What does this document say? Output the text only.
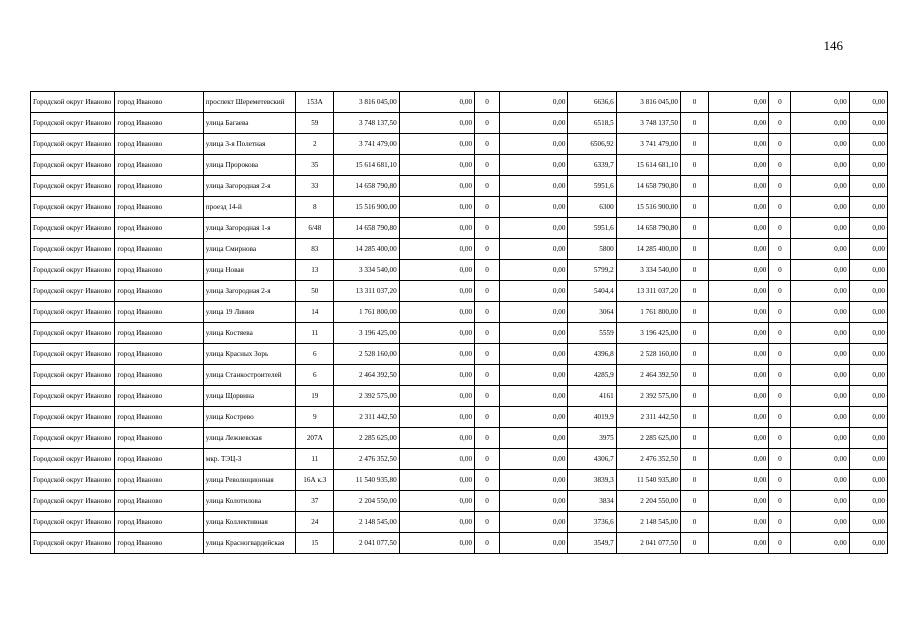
146
Городской округ Иваново	город Иваново	проспект Шереметевский	153А	3 816 045,00	0,00	0	0,00	6636,6	3 816 045,00	0	0,00	0	0,00	0,00
Городской округ Иваново	город Иваново	улица Багаева	59	3 748 137,50	0,00	0	0,00	6518,5	3 748 137,50	0	0,00	0	0,00	0,00
Городской округ Иваново	город Иваново	улица 3-я Полетная	2	3 741 479,00	0,00	0	0,00	6506,92	3 741 479,00	0	0,00	0	0,00	0,00
Городской округ Иваново	город Иваново	улица Пророкова	35	15 614 681,10	0,00	0	0,00	6339,7	15 614 681,10	0	0,00	0	0,00	0,00
Городской округ Иваново	город Иваново	улица Загородная 2-я	33	14 658 790,80	0,00	0	0,00	5951,6	14 658 790,80	0	0,00	0	0,00	0,00
Городской округ Иваново	город Иваново	проезд 14-й	8	15 516 900,00	0,00	0	0,00	6300	15 516 900,00	0	0,00	0	0,00	0,00
Городской округ Иваново	город Иваново	улица Загородная 1-я	6/48	14 658 790,80	0,00	0	0,00	5951,6	14 658 790,80	0	0,00	0	0,00	0,00
Городской округ Иваново	город Иваново	улица Смирнова	83	14 285 400,00	0,00	0	0,00	5800	14 285 400,00	0	0,00	0	0,00	0,00
Городской округ Иваново	город Иваново	улица Новая	13	3 334 540,00	0,00	0	0,00	5799,2	3 334 540,00	0	0,00	0	0,00	0,00
Городской округ Иваново	город Иваново	улица Загородная 2-я	50	13 311 037,20	0,00	0	0,00	5404,4	13 311 037,20	0	0,00	0	0,00	0,00
Городской округ Иваново	город Иваново	улица 19 Линия	14	1 761 800,00	0,00	0	0,00	3064	1 761 800,00	0	0,00	0	0,00	0,00
Городской округ Иваново	город Иваново	улица Костяева	11	3 196 425,00	0,00	0	0,00	5559	3 196 425,00	0	0,00	0	0,00	0,00
Городской округ Иваново	город Иваново	улица Красных Зорь	6	2 528 160,00	0,00	0	0,00	4396,8	2 528 160,00	0	0,00	0	0,00	0,00
Городской округ Иваново	город Иваново	улица Станкостроителей	6	2 464 392,50	0,00	0	0,00	4285,9	2 464 392,50	0	0,00	0	0,00	0,00
Городской округ Иваново	город Иваново	улица Щорвина	19	2 392 575,00	0,00	0	0,00	4161	2 392 575,00	0	0,00	0	0,00	0,00
Городской округ Иваново	город Иваново	улица Кострево	9	2 311 442,50	0,00	0	0,00	4019,9	2 311 442,50	0	0,00	0	0,00	0,00
Городской округ Иваново	город Иваново	улица Лежневская	207А	2 285 625,00	0,00	0	0,00	3975	2 285 625,00	0	0,00	0	0,00	0,00
Городской округ Иваново	город Иваново	мкр. ТЭЦ-3	11	2 476 352,50	0,00	0	0,00	4306,7	2 476 352,50	0	0,00	0	0,00	0,00
Городской округ Иваново	город Иваново	улица Революционная	16А к.3	11 540 935,80	0,00	0	0,00	3839,3	11 540 935,80	0	0,00	0	0,00	0,00
Городской округ Иваново	город Иваново	улица Колотилова	37	2 204 550,00	0,00	0	0,00	3834	2 204 550,00	0	0,00	0	0,00	0,00
Городской округ Иваново	город Иваново	улица Коллективная	24	2 148 545,00	0,00	0	0,00	3736,6	2 148 545,00	0	0,00	0	0,00	0,00
Городской округ Иваново	город Иваново	улица Красногвардейская	15	2 041 077,50	0,00	0	0,00	3549,7	2 041 077,50	0	0,00	0	0,00	0,00
